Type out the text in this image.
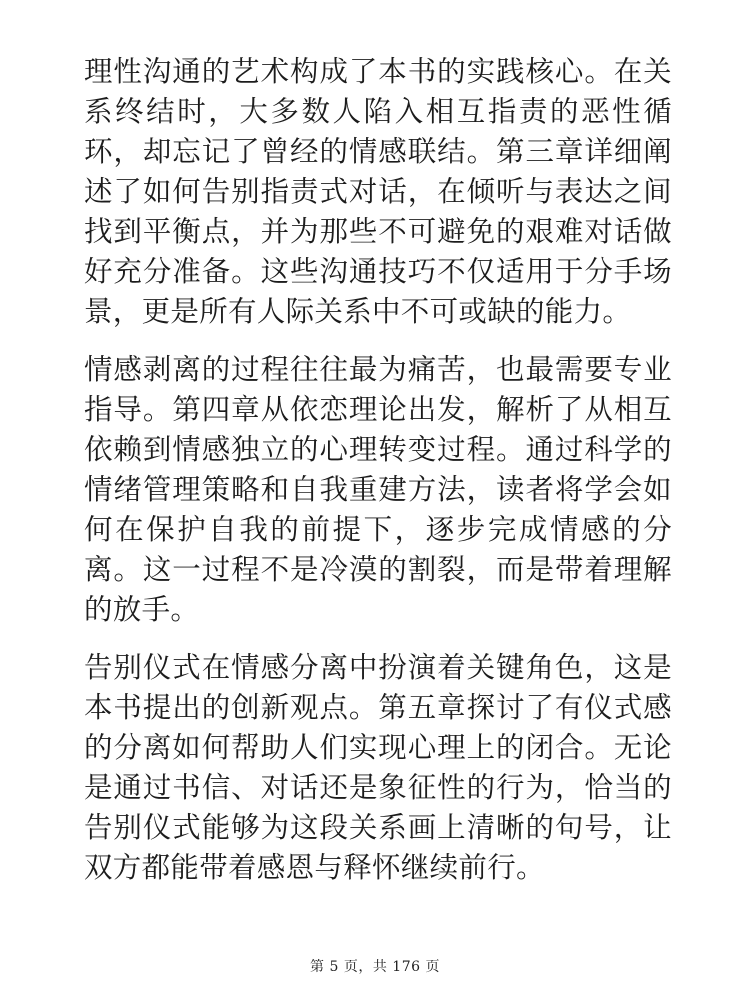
理性沟通的艺术构成了本书的实践核心。在关系终结时，大多数人陷入相互指责的恶性循环，却忘记了曾经的情感联结。第三章详细阐述了如何告别指责式对话，在倾听与表达之间找到平衡点，并为那些不可避免的艰难对话做好充分准备。这些沟通技巧不仅适用于分手场景，更是所有人际关系中不可或缺的能力。

情感剥离的过程往往最为痛苦，也最需要专业指导。第四章从依恋理论出发，解析了从相互依赖到情感独立的心理转变过程。通过科学的情绪管理策略和自我重建方法，读者将学会如何在保护自我的前提下，逐步完成情感的分离。这一过程不是冷漠的割裂，而是带着理解的放手。

告别仪式在情感分离中扮演着关键角色，这是本书提出的创新观点。第五章探讨了有仪式感的分离如何帮助人们实现心理上的闭合。无论是通过书信、对话还是象征性的行为，恰当的告别仪式能够为这段关系画上清晰的句号，让双方都能带着感恩与释怀继续前行。

第 5 页，共 176 页
